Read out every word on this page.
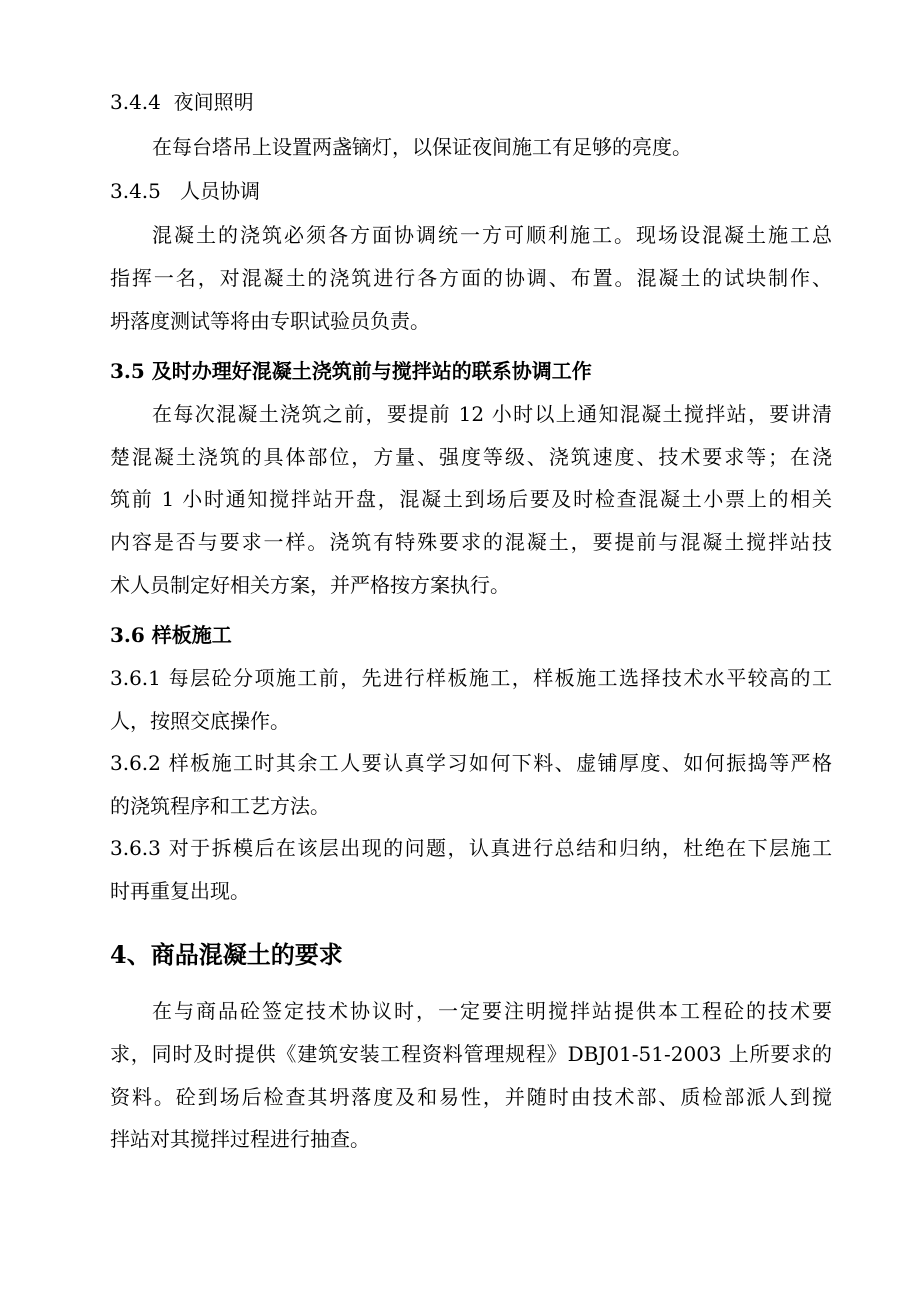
3.4.4 夜间照明
在每台塔吊上设置两盏镝灯，以保证夜间施工有足够的亮度。
3.4.5 人员协调
混凝土的浇筑必须各方面协调统一方可顺利施工。现场设混凝土施工总
指挥一名，对混凝土的浇筑进行各方面的协调、布置。混凝土的试块制作、
坍落度测试等将由专职试验员负责。
3.5 及时办理好混凝土浇筑前与搅拌站的联系协调工作
在每次混凝土浇筑之前，要提前 12 小时以上通知混凝土搅拌站，要讲清
楚混凝土浇筑的具体部位，方量、强度等级、浇筑速度、技术要求等；在浇
筑前 1 小时通知搅拌站开盘，混凝土到场后要及时检查混凝土小票上的相关
内容是否与要求一样。浇筑有特殊要求的混凝土，要提前与混凝土搅拌站技
术人员制定好相关方案，并严格按方案执行。
3.6 样板施工
3.6.1 每层砼分项施工前，先进行样板施工，样板施工选择技术水平较高的工
人，按照交底操作。
3.6.2 样板施工时其余工人要认真学习如何下料、虚铺厚度、如何振捣等严格
的浇筑程序和工艺方法。
3.6.3 对于拆模后在该层出现的问题，认真进行总结和归纳，杜绝在下层施工
时再重复出现。
4、商品混凝土的要求
在与商品砼签定技术协议时，一定要注明搅拌站提供本工程砼的技术要
求，同时及时提供《建筑安装工程资料管理规程》DBJ01-51-2003 上所要求的
资料。砼到场后检查其坍落度及和易性，并随时由技术部、质检部派人到搅
拌站对其搅拌过程进行抽查。
